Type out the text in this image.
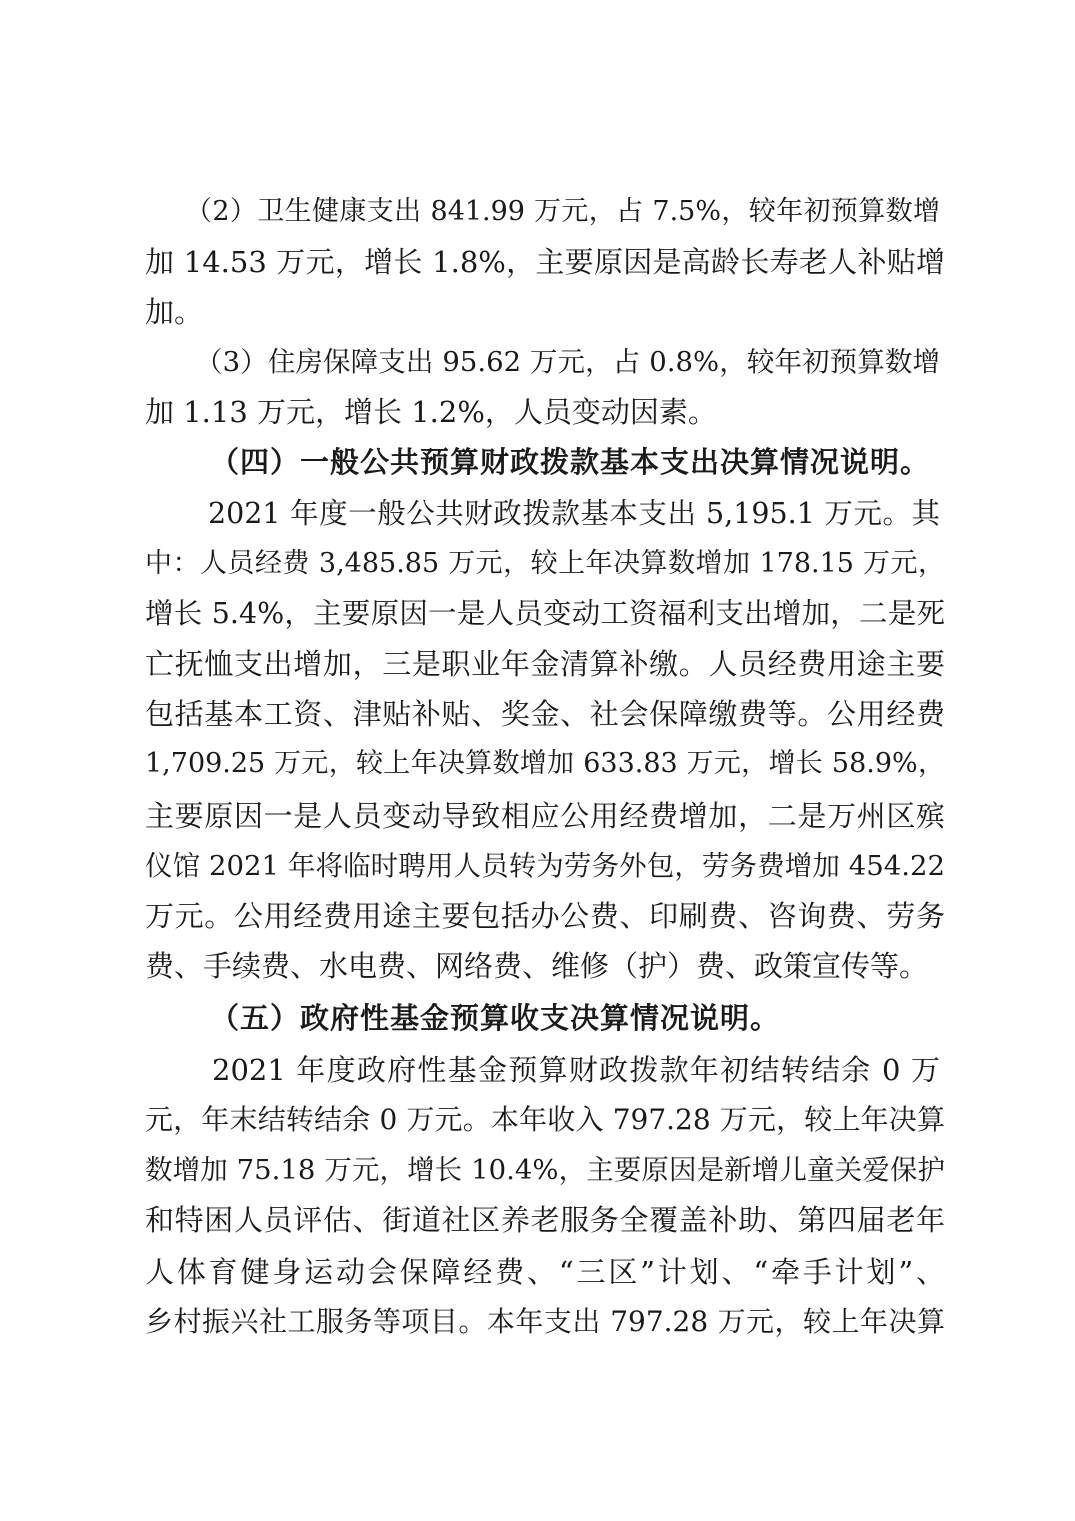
（2）卫生健康支出 841.99 万元，占 7.5%，较年初预算数增
加 14.53 万元，增长 1.8%，主要原因是高龄长寿老人补贴增
加。
（3）住房保障支出 95.62 万元，占 0.8%，较年初预算数增
加 1.13 万元，增长 1.2%，人员变动因素。
（四）一般公共预算财政拨款基本支出决算情况说明。
2021 年度一般公共财政拨款基本支出 5,195.1 万元。其
中：人员经费 3,485.85 万元，较上年决算数增加 178.15 万元，
增长 5.4%，主要原因一是人员变动工资福利支出增加，二是死
亡抚恤支出增加，三是职业年金清算补缴。人员经费用途主要
包括基本工资、津贴补贴、奖金、社会保障缴费等。公用经费
1,709.25 万元，较上年决算数增加 633.83 万元，增长 58.9%，
主要原因一是人员变动导致相应公用经费增加，二是万州区殡
仪馆 2021 年将临时聘用人员转为劳务外包，劳务费增加 454.22
万元。公用经费用途主要包括办公费、印刷费、咨询费、劳务
费、手续费、水电费、网络费、维修（护）费、政策宣传等。
（五）政府性基金预算收支决算情况说明。
2021 年度政府性基金预算财政拨款年初结转结余 0 万
元，年末结转结余 0 万元。本年收入 797.28 万元，较上年决算
数增加 75.18 万元，增长 10.4%，主要原因是新增儿童关爱保护
和特困人员评估、街道社区养老服务全覆盖补助、第四届老年
人体育健身运动会保障经费、“三区”计划、“牵手计划”、
乡村振兴社工服务等项目。本年支出 797.28 万元，较上年决算
